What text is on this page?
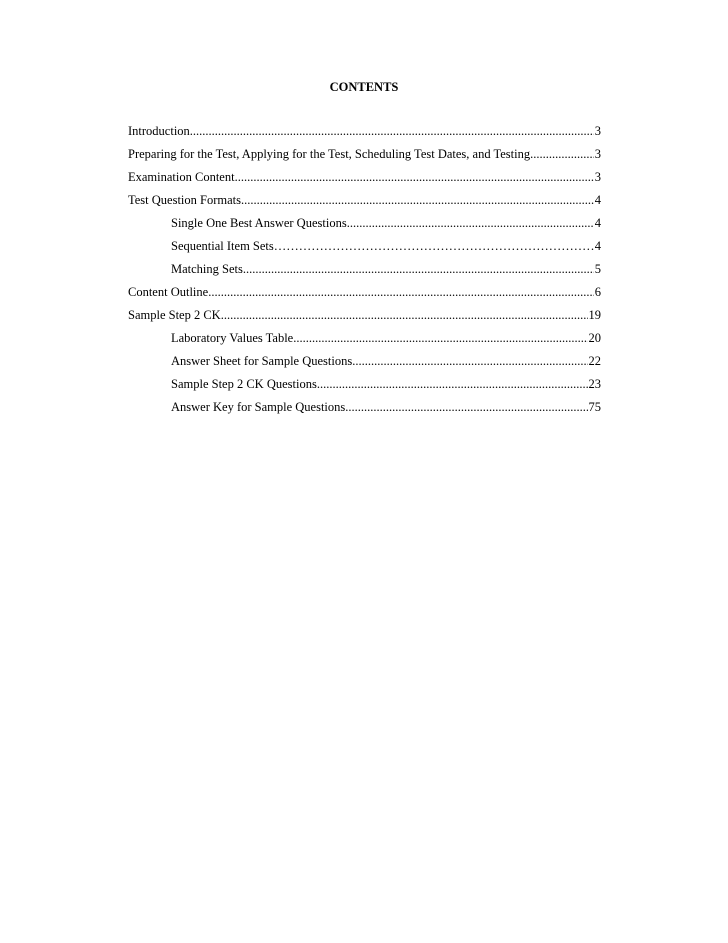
CONTENTS
Introduction .....	3
Preparing for the Test, Applying for the Test, Scheduling Test Dates, and Testing .....	3
Examination Content .....	3
Test Question Formats .....	4
Single One Best Answer Questions .....	4
Sequential Item Sets ………………………………………………………………………………………………………………………………	4
Matching Sets .....	5
Content Outline .....	6
Sample Step 2 CK .....	19
Laboratory Values Table .....	20
Answer Sheet for Sample Questions .....	22
Sample Step 2 CK Questions .....	23
Answer Key for Sample Questions .....	75
